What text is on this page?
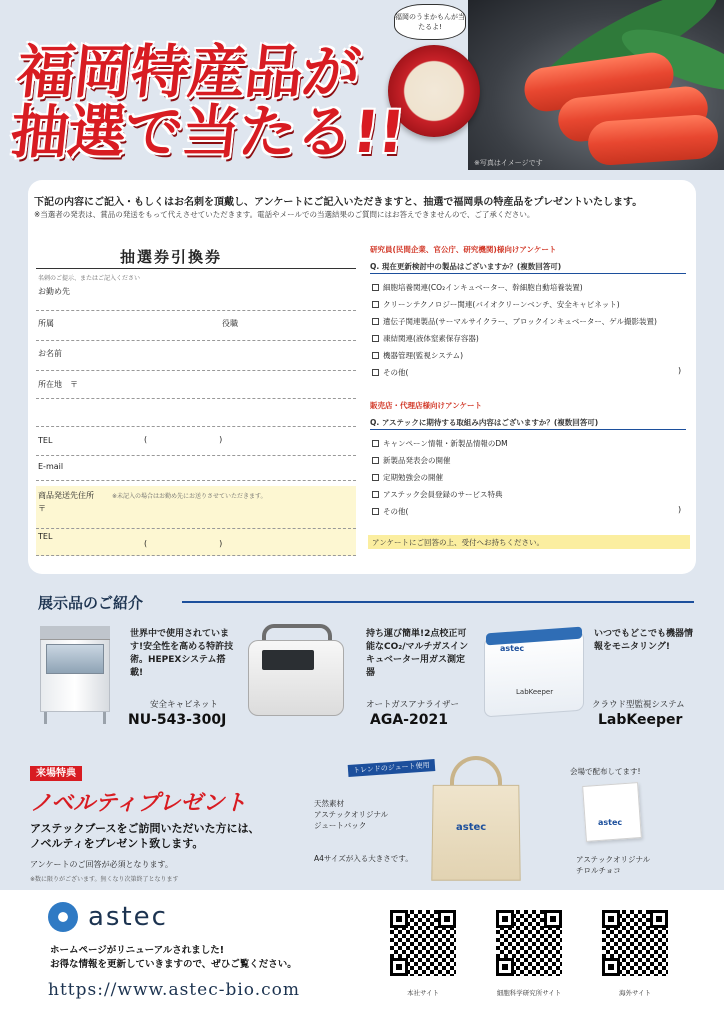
※写真はイメージです
福岡のうまかもんが当たるよ!
福岡特産品が
抽選で当たる!!
下記の内容にご記入・もしくはお名刺を頂戴し、アンケートにご記入いただきますと、抽選で福岡県の特産品をプレゼントいたします。
※当選者の発表は、賞品の発送をもって代えさせていただきます。電話やメールでの当選結果のご質問にはお答えできませんので、ご了承ください。
抽選券引換券
名刺のご提示、またはご記入ください
お勤め先
所属	役職
お名前
所在地　〒
TEL	(　　　　　　　　　)
E-mail
商品発送先住所	※未記入の場合はお勤め先にお送りさせていただきます。
〒
TEL
(　　　　　　　　　)
研究員(民間企業、官公庁、研究機関)様向けアンケート
Q. 現在更新検討中の製品はございますか？(複数回答可)
細胞培養関連(CO₂インキュベーター、幹細胞自動培養装置)
クリーンテクノロジー関連(バイオクリーンベンチ、安全キャビネット)
遺伝子関連製品(サーマルサイクラー、ブロックインキュベーター、ゲル撮影装置)
凍結関連(液体窒素保存容器)
機器管理(監視システム)
その他(	)
販売店・代理店様向けアンケート
Q. アステックに期待する取組み内容はございますか？(複数回答可)
キャンペーン情報・新製品情報のDM
新製品発表会の開催
定期勉強会の開催
アステック会員登録のサービス特典
その他(	)
アンケートにご回答の上、受付へお持ちください。
展示品のご紹介
世界中で使用されています!安全性を高める特許技術。HEPEXシステム搭載!
安全キャビネット
NU-543-300J
持ち運び簡単!2点校正可能なCO₂/マルチガスインキュベーター用ガス測定器
オートガスアナライザー
AGA-2021
astec
LabKeeper
いつでもどこでも機器情報をモニタリング!
クラウド型監視システム
LabKeeper
来場特典
ノベルティプレゼント
アステックブースをご訪問いただいた方には、
ノベルティをプレゼント致します。
アンケートのご回答が必須となります。
※数に限りがございます。無くなり次第終了となります
トレンドのジュート使用
天然素材
アステックオリジナル
ジュートバック
A4サイズが入る大きさです。
astec
会場で配布してます!
astec
アステックオリジナル
チロルチョコ
astec
ホームページがリニューアルされました!
お得な情報を更新していきますので、ぜひご覧ください。
https://www.astec-bio.com	本社サイト	細胞科学研究所サイト	海外サイト
